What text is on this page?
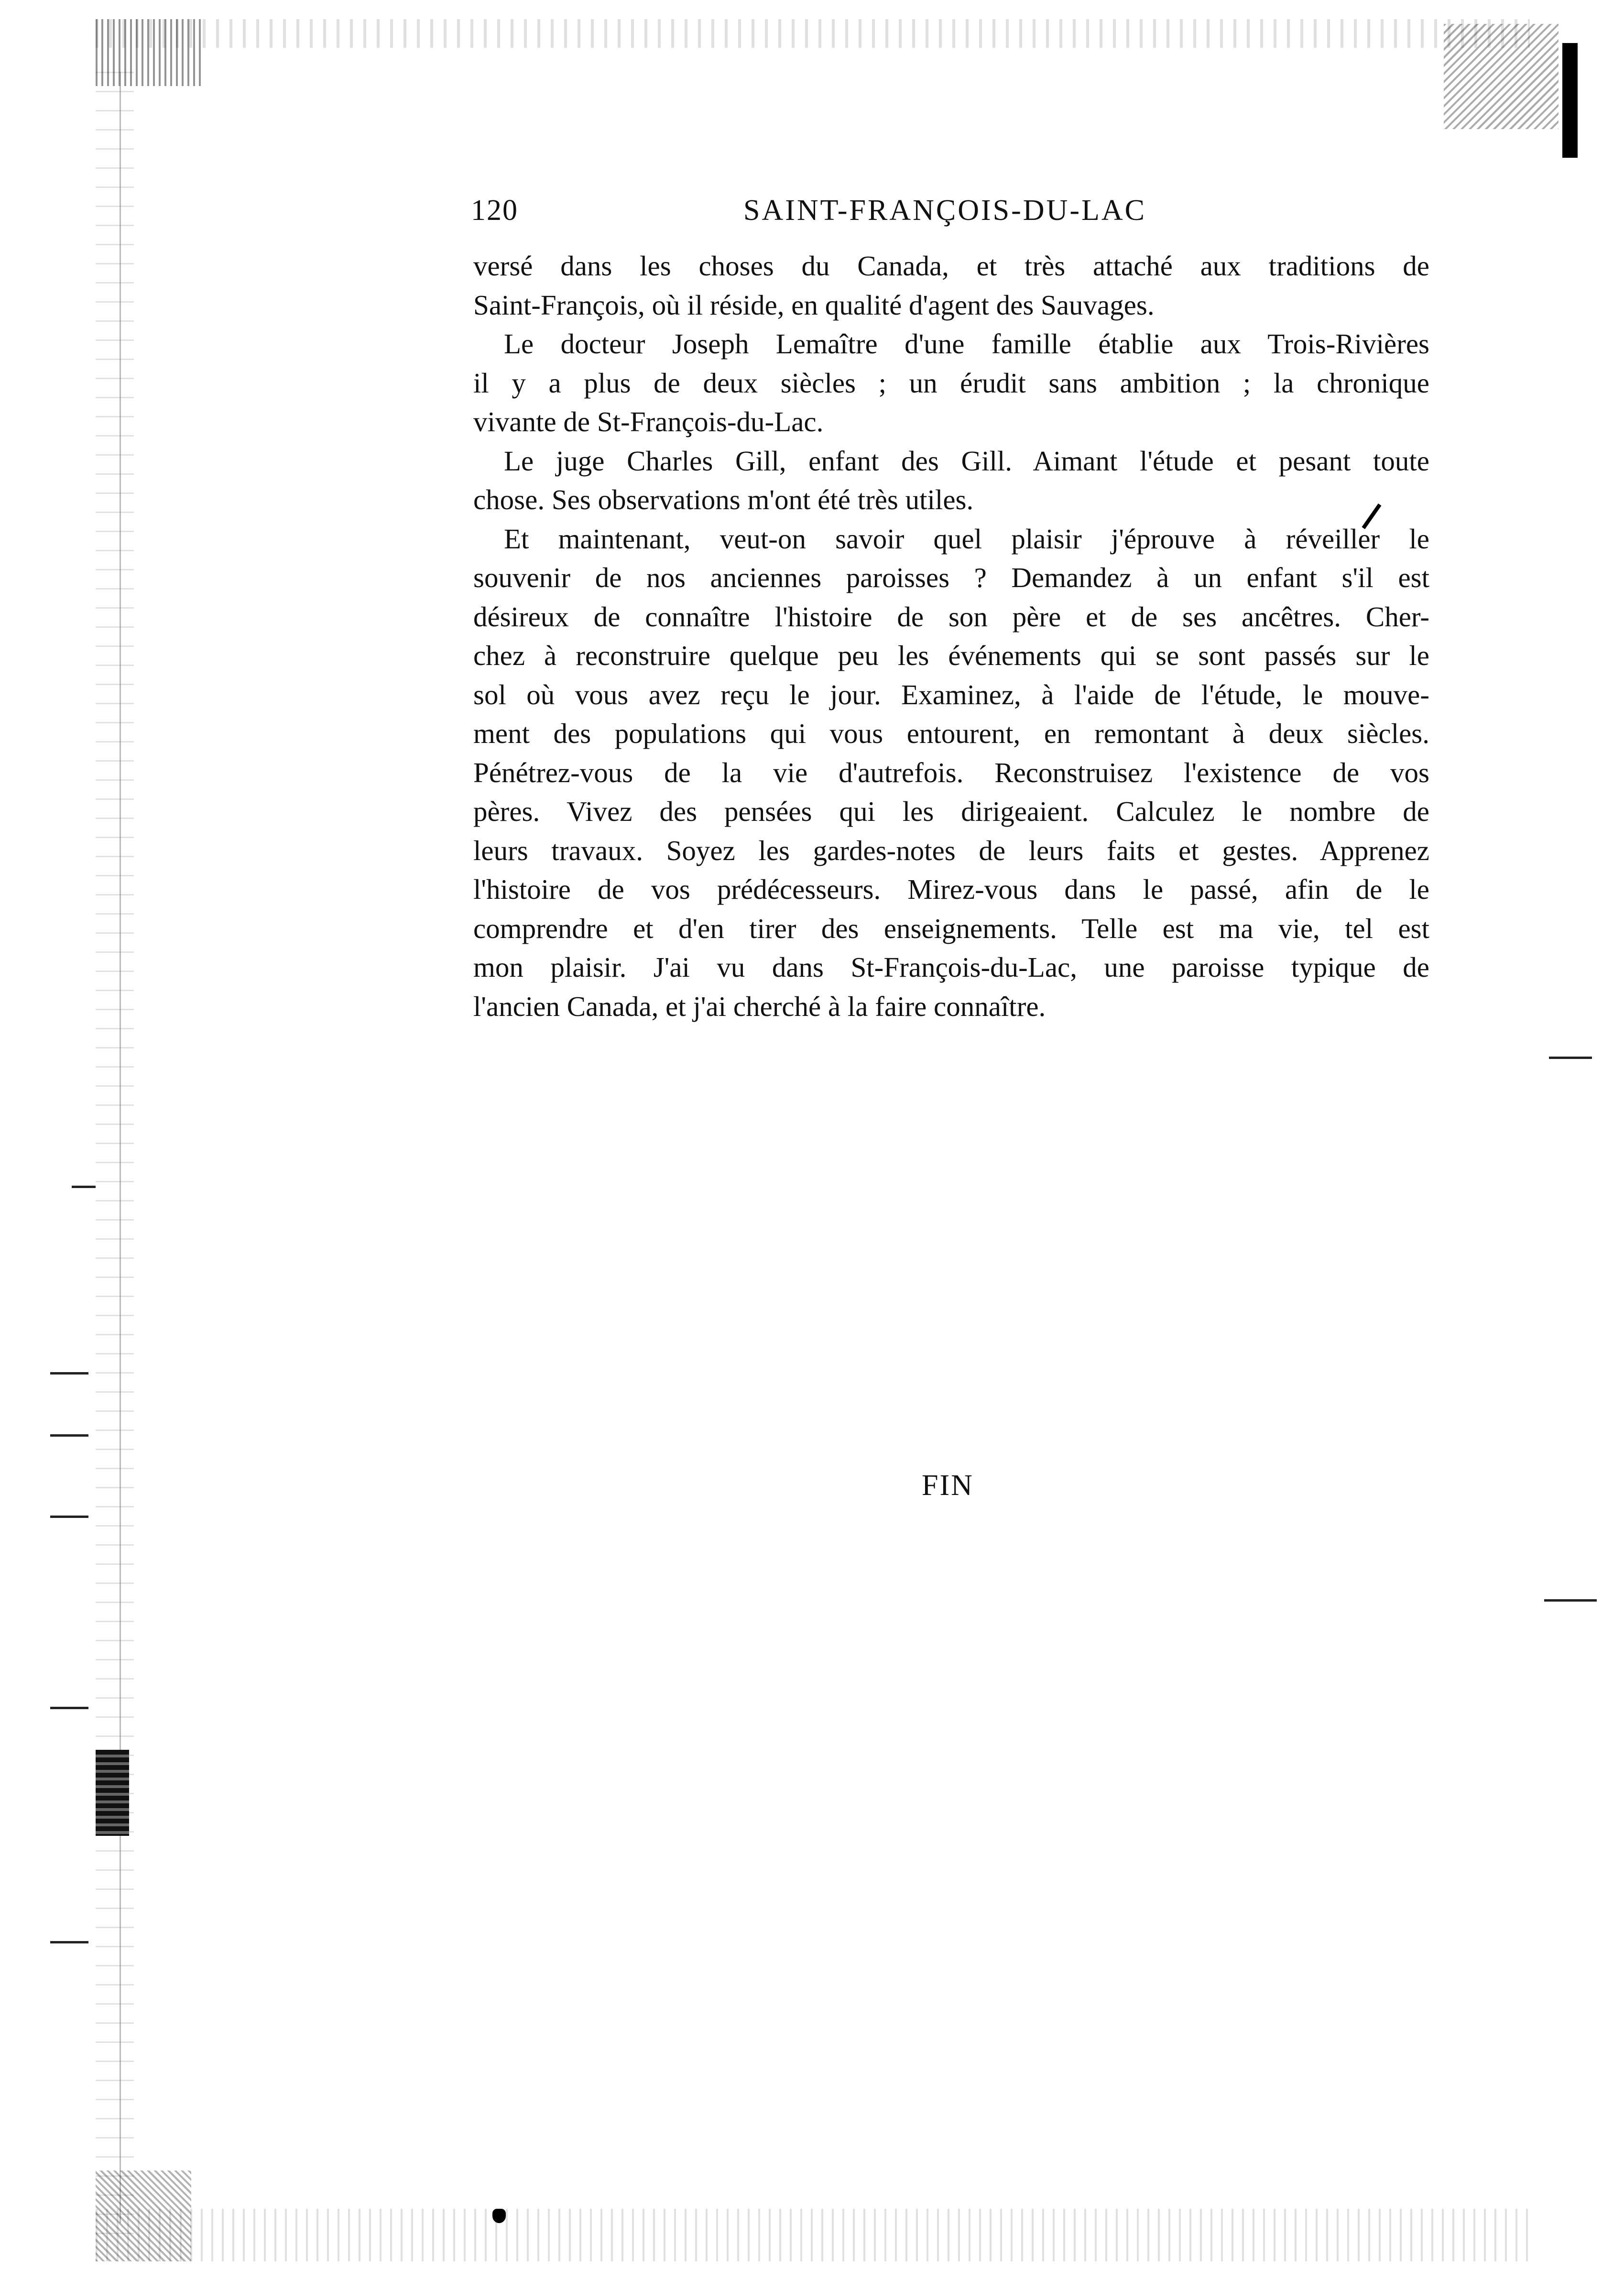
120	SAINT-FRANÇOIS-DU-LAC
versé dans les choses du Canada, et très attaché aux traditions de
Saint-François, où il réside, en qualité d'agent des Sauvages.
Le docteur Joseph Lemaître d'une famille établie aux Trois-Rivières
il y a plus de deux siècles ; un érudit sans ambition ; la chronique
vivante de St-François-du-Lac.
Le juge Charles Gill, enfant des Gill. Aimant l'étude et pesant toute
chose. Ses observations m'ont été très utiles.
Et maintenant, veut-on savoir quel plaisir j'éprouve à réveiller le
souvenir de nos anciennes paroisses ? Demandez à un enfant s'il est
désireux de connaître l'histoire de son père et de ses ancêtres. Cher-
chez à reconstruire quelque peu les événements qui se sont passés sur le
sol où vous avez reçu le jour. Examinez, à l'aide de l'étude, le mouve-
ment des populations qui vous entourent, en remontant à deux siècles.
Pénétrez-vous de la vie d'autrefois. Reconstruisez l'existence de vos
pères. Vivez des pensées qui les dirigeaient. Calculez le nombre de
leurs travaux. Soyez les gardes-notes de leurs faits et gestes. Apprenez
l'histoire de vos prédécesseurs. Mirez-vous dans le passé, afin de le
comprendre et d'en tirer des enseignements. Telle est ma vie, tel est
mon plaisir. J'ai vu dans St-François-du-Lac, une paroisse typique de
l'ancien Canada, et j'ai cherché à la faire connaître.
FIN
